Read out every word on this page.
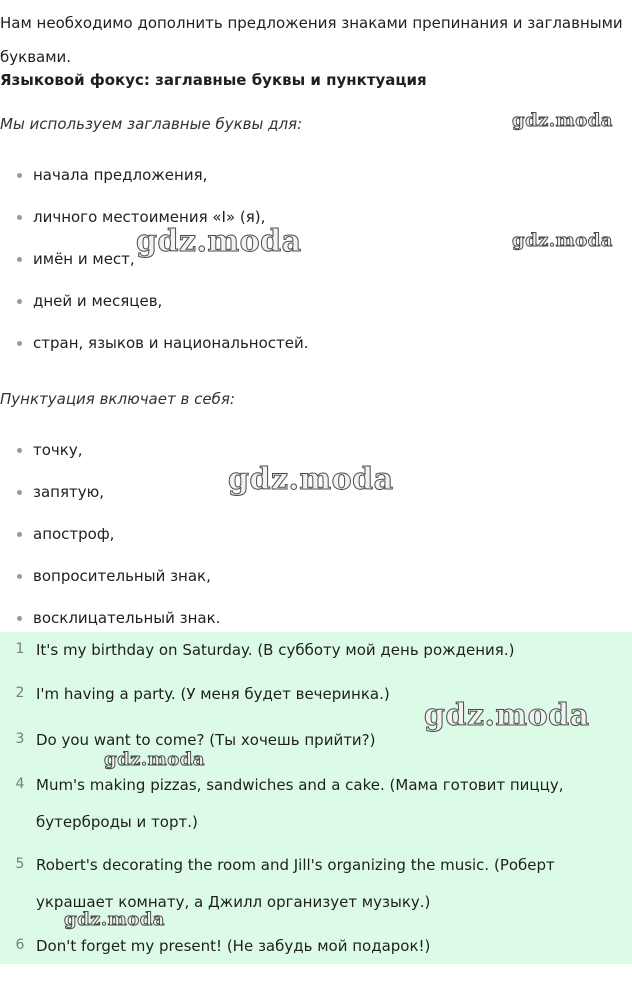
Нам необходимо дополнить предложения знаками препинания и заглавными буквами.

Языковой фокус: заглавные буквы и пунктуация

Мы используем заглавные буквы для:

начала предложения,
личного местоимения «I» (я),
имён и мест,
дней и месяцев,
стран, языков и национальностей.

Пунктуация включает в себя:

точку,
запятую,
апостроф,
вопросительный знак,
восклицательный знак.
1 It's my birthday on Saturday. (В субботу мой день рождения.)
2 I'm having a party. (У меня будет вечеринка.)
3 Do you want to come? (Ты хочешь прийти?)
4 Mum's making pizzas, sandwiches and a cake. (Мама готовит пиццу, бутерброды и торт.)
5 Robert's decorating the room and Jill's organizing the music. (Роберт украшает комнату, а Джилл организует музыку.)
6 Don't forget my present! (Не забудь мой подарок!)
gdz.moda
gdz.moda	gdz.moda
gdz.moda
gdz.moda
gdz.moda
gdz.moda
